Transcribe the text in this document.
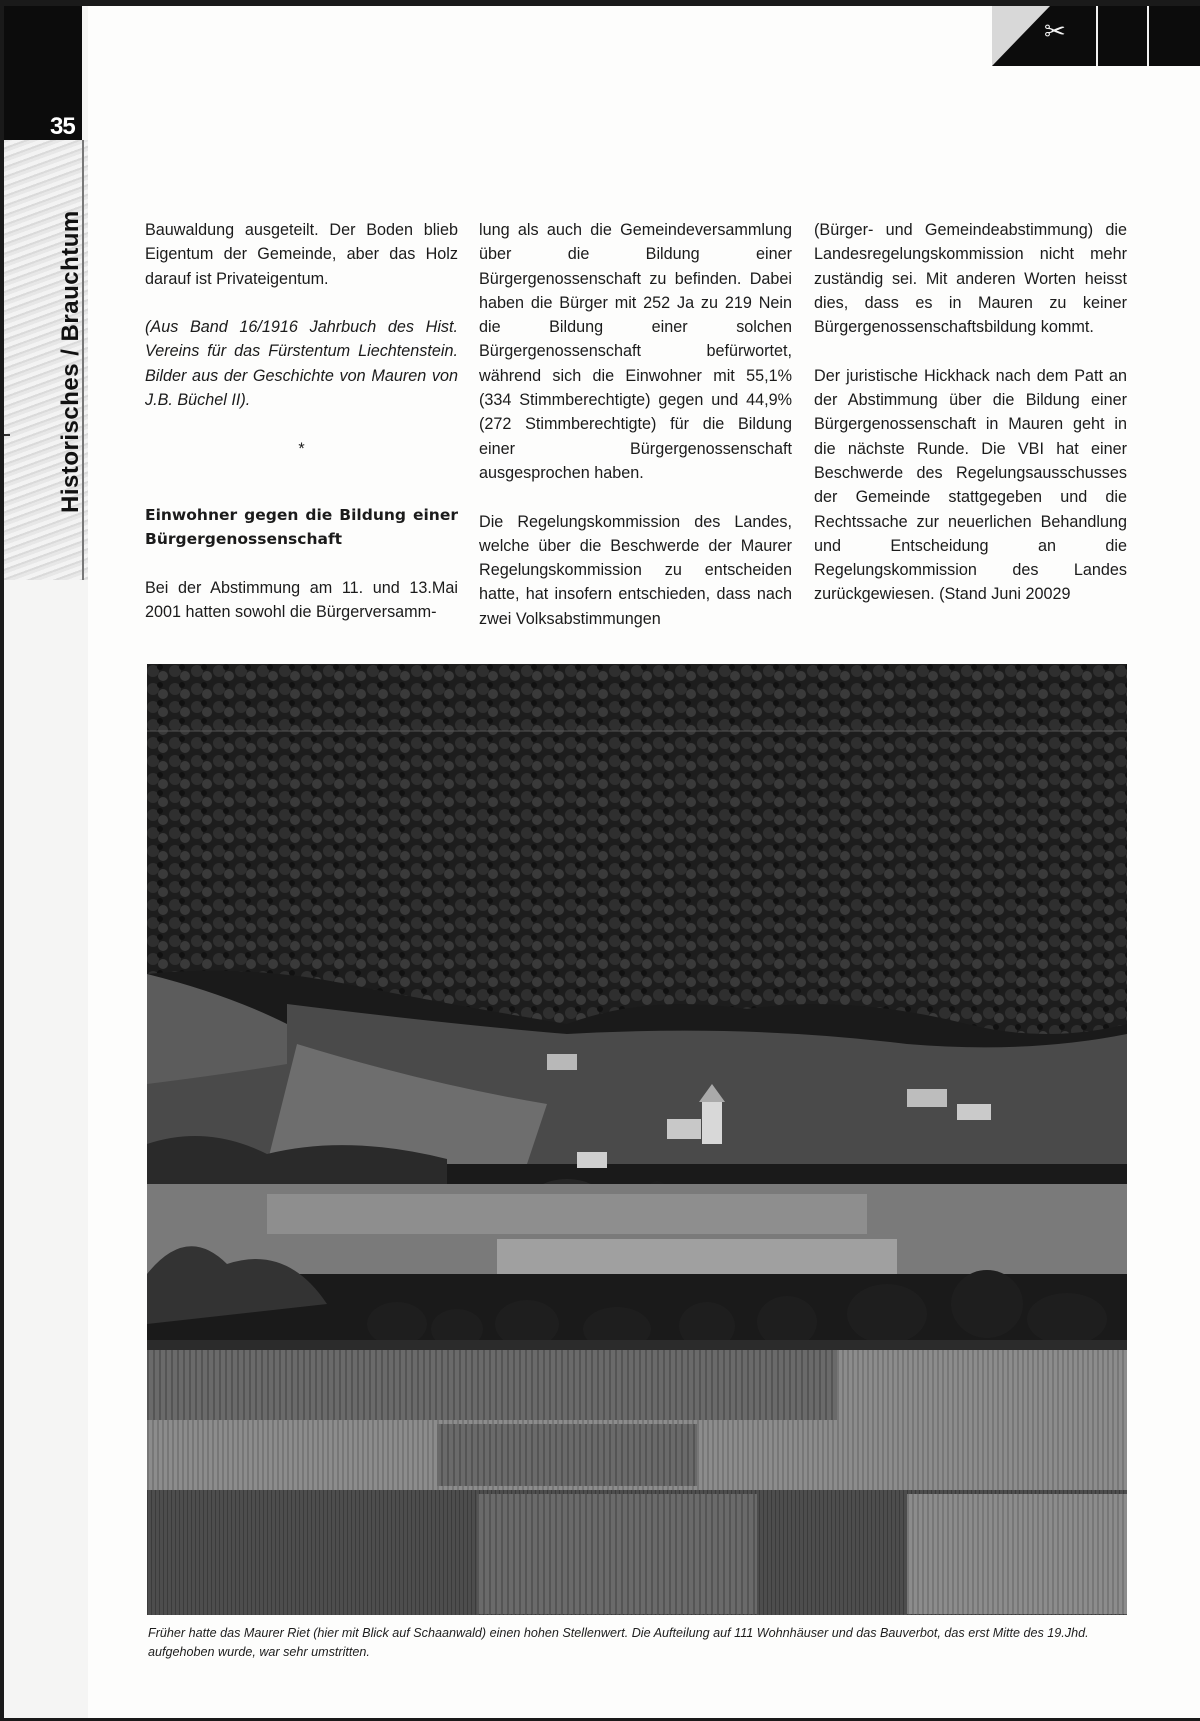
35
Historisches / Brauchtum
✂

Bauwaldung ausgeteilt. Der Boden blieb Eigentum der Gemeinde, aber das Holz darauf ist Privateigentum.

(Aus Band 16/1916 Jahrbuch des Hist. Vereins für das Fürstentum Liechtenstein. Bilder aus der Geschichte von Mauren von J.B. Büchel II).

*
Einwohner gegen die Bildung einer Bürgergenossenschaft

Bei der Abstimmung am 11. und 13.Mai 2001 hatten sowohl die Bürgerversamm-

lung als auch die Gemeindeversammlung über die Bildung einer Bürgergenossenschaft zu befinden. Dabei haben die Bürger mit 252 Ja zu 219 Nein die Bildung einer solchen Bürgergenossenschaft befürwortet, während sich die Einwohner mit 55,1% (334 Stimmberechtigte) gegen und 44,9% (272 Stimmberechtigte) für die Bildung einer Bürgergenossenschaft ausgesprochen haben.

Die Regelungskommission des Landes, welche über die Beschwerde der Maurer Regelungskommission zu entscheiden hatte, hat insofern entschieden, dass nach zwei Volksabstimmungen

(Bürger- und Gemeindeabstimmung) die Landesregelungskommission nicht mehr zuständig sei. Mit anderen Worten heisst dies, dass es in Mauren zu keiner Bürgergenossenschaftsbildung kommt.

Der juristische Hickhack nach dem Patt an der Abstimmung über die Bildung einer Bürgergenossenschaft in Mauren geht in die nächste Runde. Die VBI hat einer Beschwerde des Regelungsausschusses der Gemeinde stattgegeben und die Rechtssache zur neuerlichen Behandlung und Entscheidung an die Regelungskommission des Landes zurückgewiesen. (Stand Juni 20029

Früher hatte das Maurer Riet (hier mit Blick auf Schaanwald) einen hohen Stellenwert. Die Aufteilung auf 111 Wohnhäuser und das Bauverbot, das erst Mitte des 19.Jhd. aufgehoben wurde, war sehr umstritten.
